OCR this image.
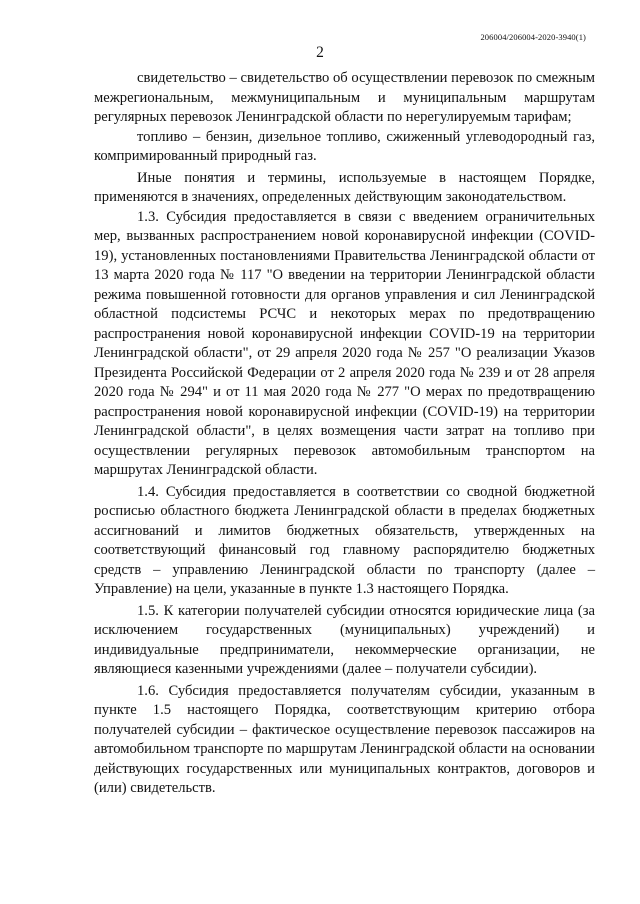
206004/206004-2020-3940(1)
2

свидетельство – свидетельство об осуществлении перевозок по смежным межрегиональным, межмуниципальным и муниципальным маршрутам регулярных перевозок Ленинградской области по нерегулируемым тарифам;

топливо – бензин, дизельное топливо, сжиженный углеводородный газ, компримированный природный газ.

Иные понятия и термины, используемые в настоящем Порядке, применяются в значениях, определенных действующим законодательством.

1.3. Субсидия предоставляется в связи с введением ограничительных мер, вызванных распространением новой коронавирусной инфекции (COVID-19), установленных постановлениями Правительства Ленинградской области от 13 марта 2020 года № 117 "О введении на территории Ленинградской области режима повышенной готовности для органов управления и сил Ленинградской областной подсистемы РСЧС и некоторых мерах по предотвращению распространения новой коронавирусной инфекции COVID-19 на территории Ленинградской области", от 29 апреля 2020 года № 257 "О реализации Указов Президента Российской Федерации от 2 апреля 2020 года № 239 и от 28 апреля 2020 года № 294" и от 11 мая 2020 года № 277 "О мерах по предотвращению распространения новой коронавирусной инфекции (COVID-19) на территории Ленинградской области", в целях возмещения части затрат на топливо при осуществлении регулярных перевозок автомобильным транспортом на маршрутах Ленинградской области.

1.4. Субсидия предоставляется в соответствии со сводной бюджетной росписью областного бюджета Ленинградской области в пределах бюджетных ассигнований и лимитов бюджетных обязательств, утвержденных на соответствующий финансовый год главному распорядителю бюджетных средств – управлению Ленинградской области по транспорту (далее – Управление) на цели, указанные в пункте 1.3 настоящего Порядка.

1.5. К категории получателей субсидии относятся юридические лица (за исключением государственных (муниципальных) учреждений) и индивидуальные предприниматели, некоммерческие организации, не являющиеся казенными учреждениями (далее – получатели субсидии).

1.6. Субсидия предоставляется получателям субсидии, указанным в пункте 1.5 настоящего Порядка, соответствующим критерию отбора получателей субсидии – фактическое осуществление перевозок пассажиров на автомобильном транспорте по маршрутам Ленинградской области на основании действующих государственных или муниципальных контрактов, договоров и (или) свидетельств.
